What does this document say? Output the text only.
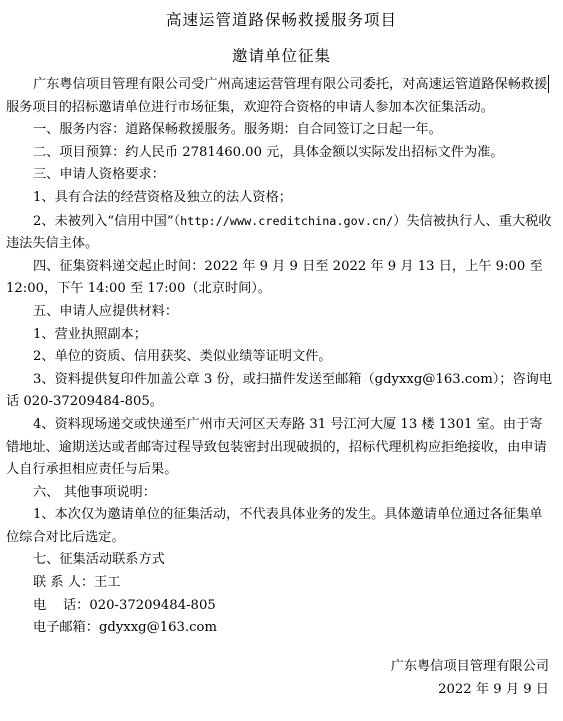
高速运管道路保畅救援服务项目
邀请单位征集

广东粤信项目管理有限公司受广州高速运营管理有限公司委托，对高速运管道路保畅救援服务项目的招标邀请单位进行市场征集，欢迎符合资格的申请人参加本次征集活动。

一、服务内容：道路保畅救援服务。服务期：自合同签订之日起一年。

二、项目预算：约人民币 2781460.00 元，具体金额以实际发出招标文件为准。

三、申请人资格要求：

1、具有合法的经营资格及独立的法人资格；

2、未被列入“信用中国”（http://www.creditchina.gov.cn/）失信被执行人、重大税收违法失信主体。

四、征集资料递交起止时间：2022 年 9 月 9 日至 2022 年 9 月 13 日，上午 9:00 至 12:00，下午 14:00 至 17:00（北京时间）。

五、申请人应提供材料：

1、营业执照副本；

2、单位的资质、信用获奖、类似业绩等证明文件。

3、资料提供复印件加盖公章 3 份，或扫描件发送至邮箱（gdyxxg@163.com）；咨询电话 020-37209484-805。

4、资料现场递交或快递至广州市天河区天寿路 31 号江河大厦 13 楼 1301 室。由于寄错地址、逾期送达或者邮寄过程导致包装密封出现破损的，招标代理机构应拒绝接收，由申请人自行承担相应责任与后果。

六、 其他事项说明：

1、本次仅为邀请单位的征集活动，不代表具体业务的发生。具体邀请单位通过各征集单位综合对比后选定。

七、征集活动联系方式

联 系 人：王工

电    话：020-37209484-805

电子邮箱：gdyxxg@163.com

广东粤信项目管理有限公司
2022 年 9 月 9 日
